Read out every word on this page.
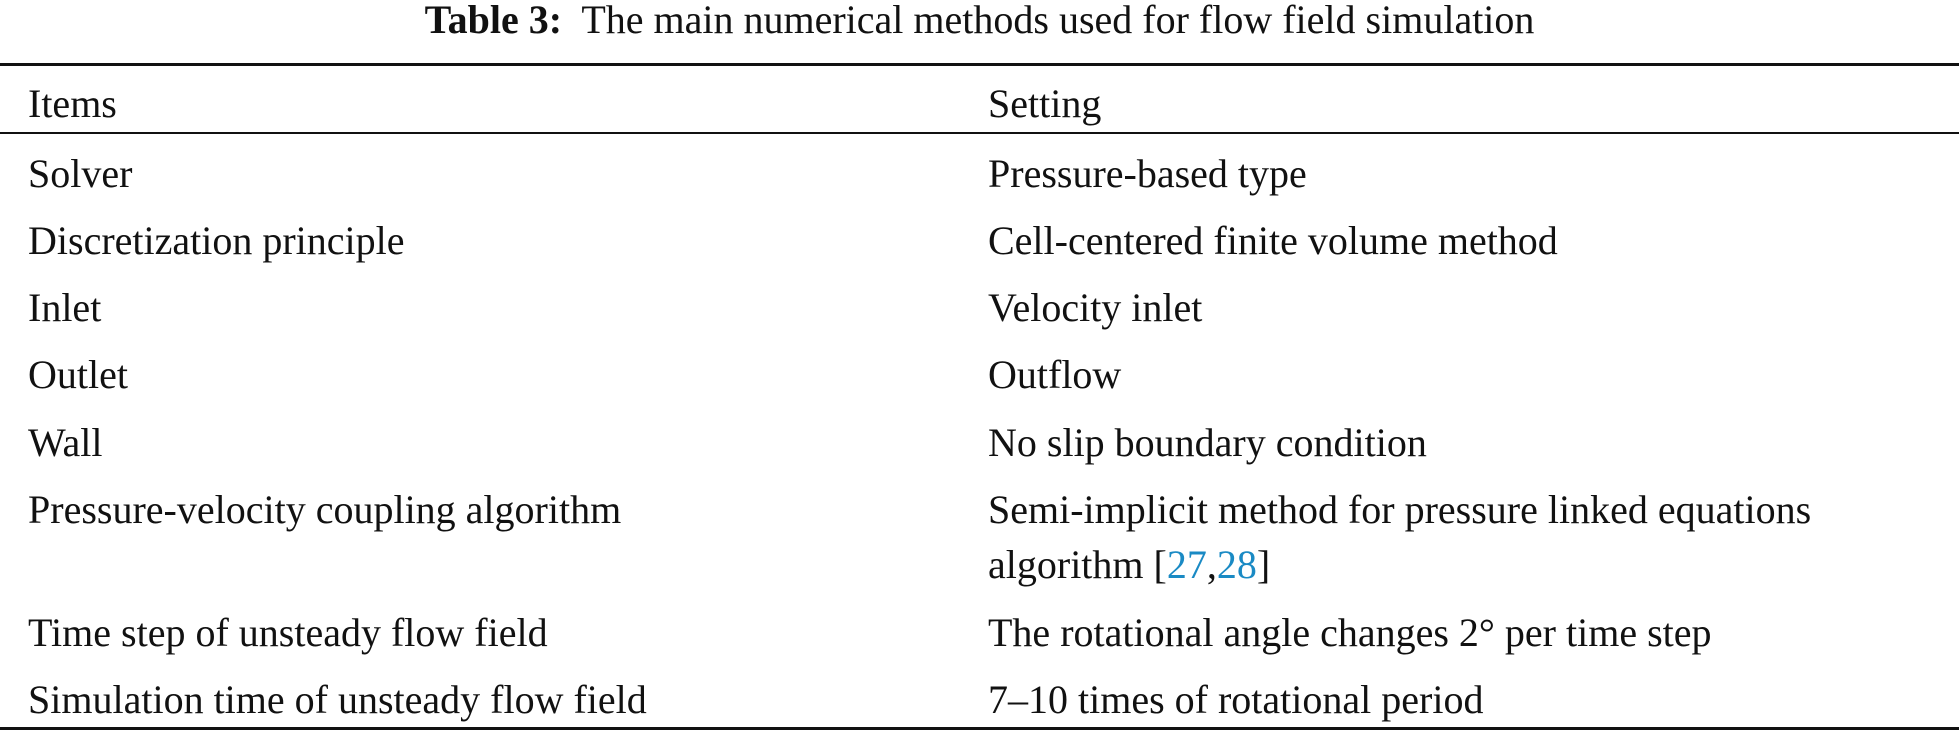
Table 3: The main numerical methods used for flow field simulation
Items	Setting
Solver	Pressure-based type
Discretization principle	Cell-centered finite volume method
Inlet	Velocity inlet
Outlet	Outflow
Wall	No slip boundary condition
Pressure-velocity coupling algorithm	Semi-implicit method for pressure linked equations
algorithm [27,28]
Time step of unsteady flow field	The rotational angle changes 2° per time step
Simulation time of unsteady flow field	7–10 times of rotational period
